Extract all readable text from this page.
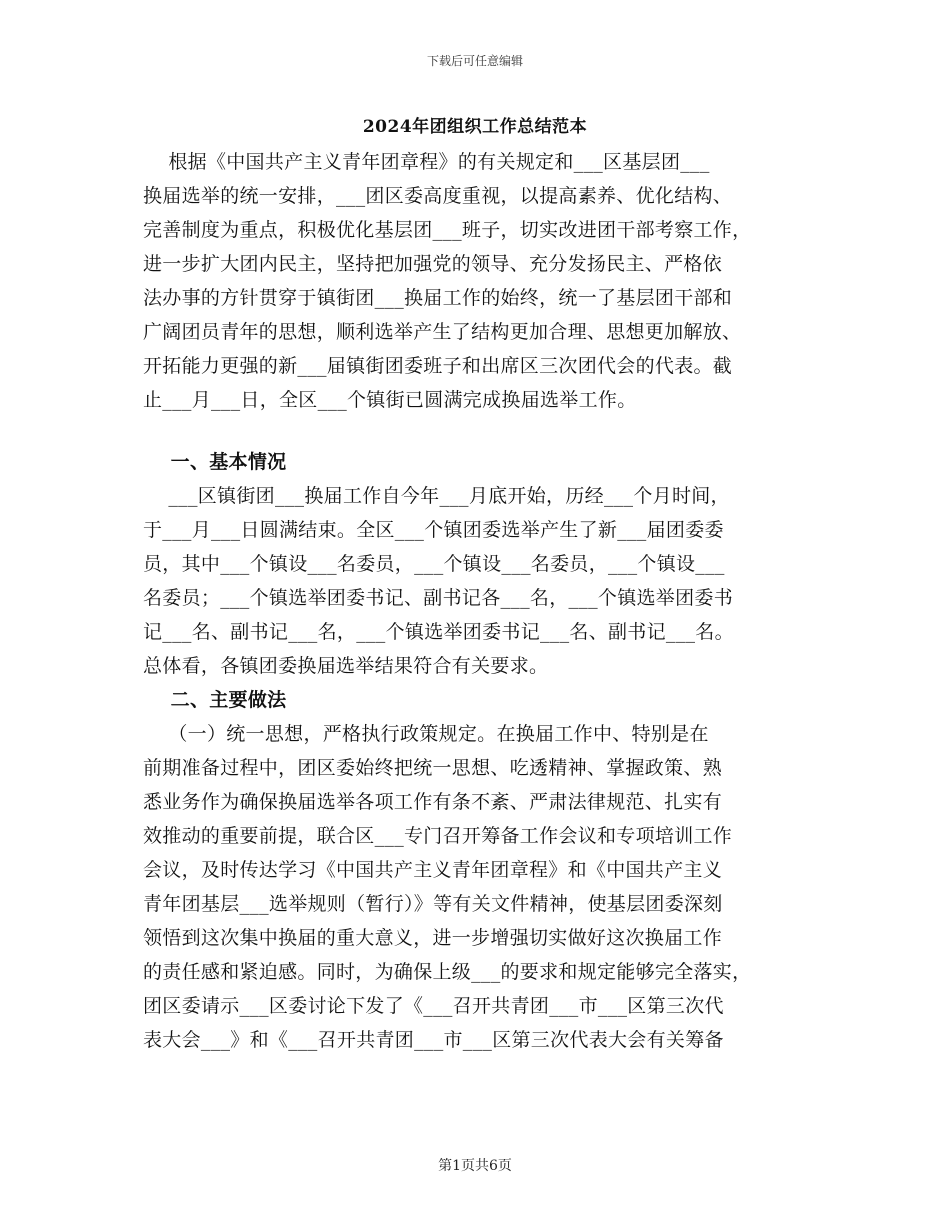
下载后可任意编辑
2024年团组织工作总结范本
根据《中国共产主义青年团章程》的有关规定和___区基层团___
换届选举的统一安排，___团区委高度重视，以提高素养、优化结构、
完善制度为重点，积极优化基层团___班子，切实改进团干部考察工作，
进一步扩大团内民主，坚持把加强党的领导、充分发扬民主、严格依
法办事的方针贯穿于镇街团___换届工作的始终，统一了基层团干部和
广阔团员青年的思想，顺利选举产生了结构更加合理、思想更加解放、
开拓能力更强的新___届镇街团委班子和出席区三次团代会的代表。截
止___月___日，全区___个镇街已圆满完成换届选举工作。
一、基本情况
___区镇街团___换届工作自今年___月底开始，历经___个月时间，
于___月___日圆满结束。全区___个镇团委选举产生了新___届团委委
员，其中___个镇设___名委员，___个镇设___名委员，___个镇设___
名委员；___个镇选举团委书记、副书记各___名，___个镇选举团委书
记___名、副书记___名，___个镇选举团委书记___名、副书记___名。
总体看，各镇团委换届选举结果符合有关要求。
二、主要做法
（一）统一思想，严格执行政策规定。在换届工作中、特别是在
前期准备过程中，团区委始终把统一思想、吃透精神、掌握政策、熟
悉业务作为确保换届选举各项工作有条不紊、严肃法律规范、扎实有
效推动的重要前提，联合区___专门召开筹备工作会议和专项培训工作
会议，及时传达学习《中国共产主义青年团章程》和《中国共产主义
青年团基层___选举规则（暂行）》等有关文件精神，使基层团委深刻
领悟到这次集中换届的重大意义，进一步增强切实做好这次换届工作
的责任感和紧迫感。同时，为确保上级___的要求和规定能够完全落实，
团区委请示___区委讨论下发了《___召开共青团___市___区第三次代
表大会___》和《___召开共青团___市___区第三次代表大会有关筹备
第1页共6页
